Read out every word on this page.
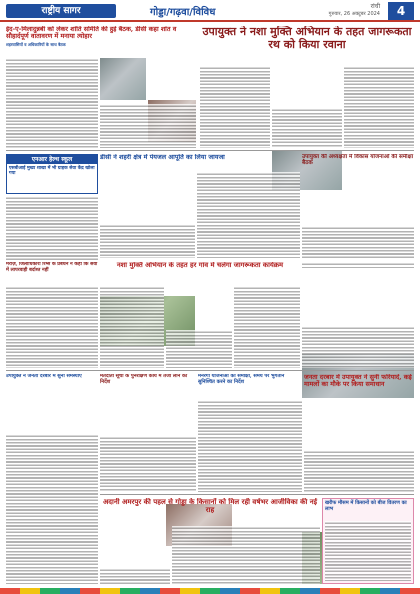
राष्ट्रीय सागर	गोड्डा/गढ़वा/विविध
रांची
गुरुवार, 26 अक्टूबर 2024	4
ईद-ए-मिलादुन्नबी को लेकर शांति समिति की हुई बैठक, डीसी कहा शांत व सौहार्दपूर्ण वातावरण में मनाया त्योहार
शहरवासियों व अधिकारियों के साथ बैठक
उपायुक्त ने नशा मुक्ति अभियान के तहत जागरूकता रथ को किया रवाना
एनआर हेल्थ स्कूल
एसबीआई मुख्य शाखा में भी ग्राहक सेवा केंद्र खोला गया
डीसी ने शहरी क्षेत्र में पेयजल आपूर्ति का लिया जायजा	उपायुक्त की अध्यक्षता में विकास योजनाओं की समीक्षा बैठक
मरीज़, जिलाधिकारी रिम्स के प्रबंधन ने कहा कि सेवा में लापरवाही बर्दाश्त नहीं
नशा मुक्ति अभियान के तहत हर गांव में चलेगा जागरूकता कार्यक्रम
उपायुक्त ने जनता दरबार में सुनी समस्याएं	मतदाता सूची के पुनरीक्षण कार्य में तेजी लाने का निर्देश
मनरेगा योजनाओं की समीक्षा, समय पर भुगतान सुनिश्चित करने का निर्देश
जनता दरबार में उपायुक्त ने सुनी फरियादें, कई मामलों का मौके पर किया समाधान
अदानी अमरपुर की पहल से गोड्डा के किसानों को मिल रही वर्षभर आजीविका की नई राह
खरीफ मौसम में किसानों को बीज वितरण का लाभ
